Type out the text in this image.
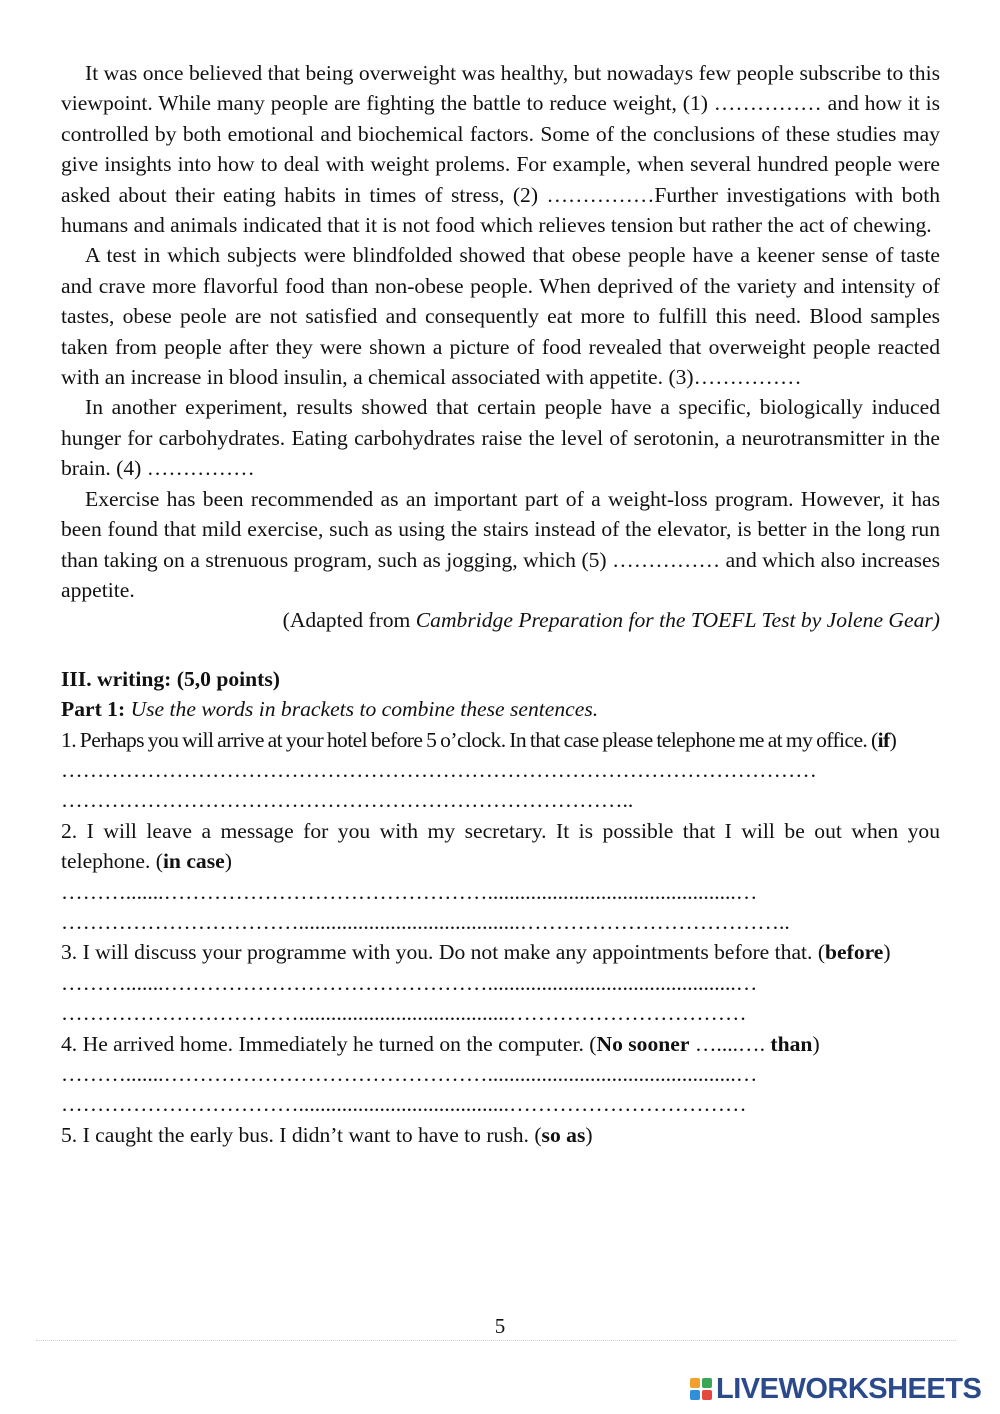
It was once believed that being overweight was healthy, but nowadays few people subscribe to this viewpoint. While many people are fighting the battle to reduce weight, (1) …………… and how it is controlled by both emotional and biochemical factors. Some of the conclusions of these studies may give insights into how to deal with weight prolems. For example, when several hundred people were asked about their eating habits in times of stress, (2) ……………Further investigations with both humans and animals indicated that it is not food which relieves tension but rather the act of chewing.

A test in which subjects were blindfolded showed that obese people have a keener sense of taste and crave more flavorful food than non-obese people. When deprived of the variety and intensity of tastes, obese peole are not satisfied and consequently eat more to fulfill this need. Blood samples taken from people after they were shown a picture of food revealed that overweight people reacted with an increase in blood insulin, a chemical associated with appetite. (3)……………

In another experiment, results showed that certain people have a specific, biologically induced hunger for carbohydrates. Eating carbohydrates raise the level of serotonin, a neurotransmitter in the brain. (4) ……………

Exercise has been recommended as an important part of a weight-loss program. However, it has been found that mild exercise, such as using the stairs instead of the elevator, is better in the long run than taking on a strenuous program, such as jogging, which (5) …………… and which also increases appetite.

(Adapted from Cambridge Preparation for the TOEFL Test by Jolene Gear)

III. writing: (5,0 points)

Part 1: Use the words in brackets to combine these sentences.

1. Perhaps you will arrive at your hotel before 5 o’clock. In that case please telephone me at my office. (if)

……………………………………………………………………………………………

……………………………………………………………………..

2. I will leave a message for you with my secretary. It is possible that I will be out when you telephone. (in case)

……….......………………………………………..............................................…

…………………………….........................................………………………………..

3. I will discuss your programme with you. Do not make any appointments before that. (before)

……….......………………………………………..............................................…

…………………………….......................................……………………………

4. He arrived home. Immediately he turned on the computer. (No sooner …....…. than)

……….......………………………………………..............................................…

…………………………….......................................……………………………

5. I caught the early bus. I didn’t want to have to rush. (so as)

5
LIVEWORKSHEETS
